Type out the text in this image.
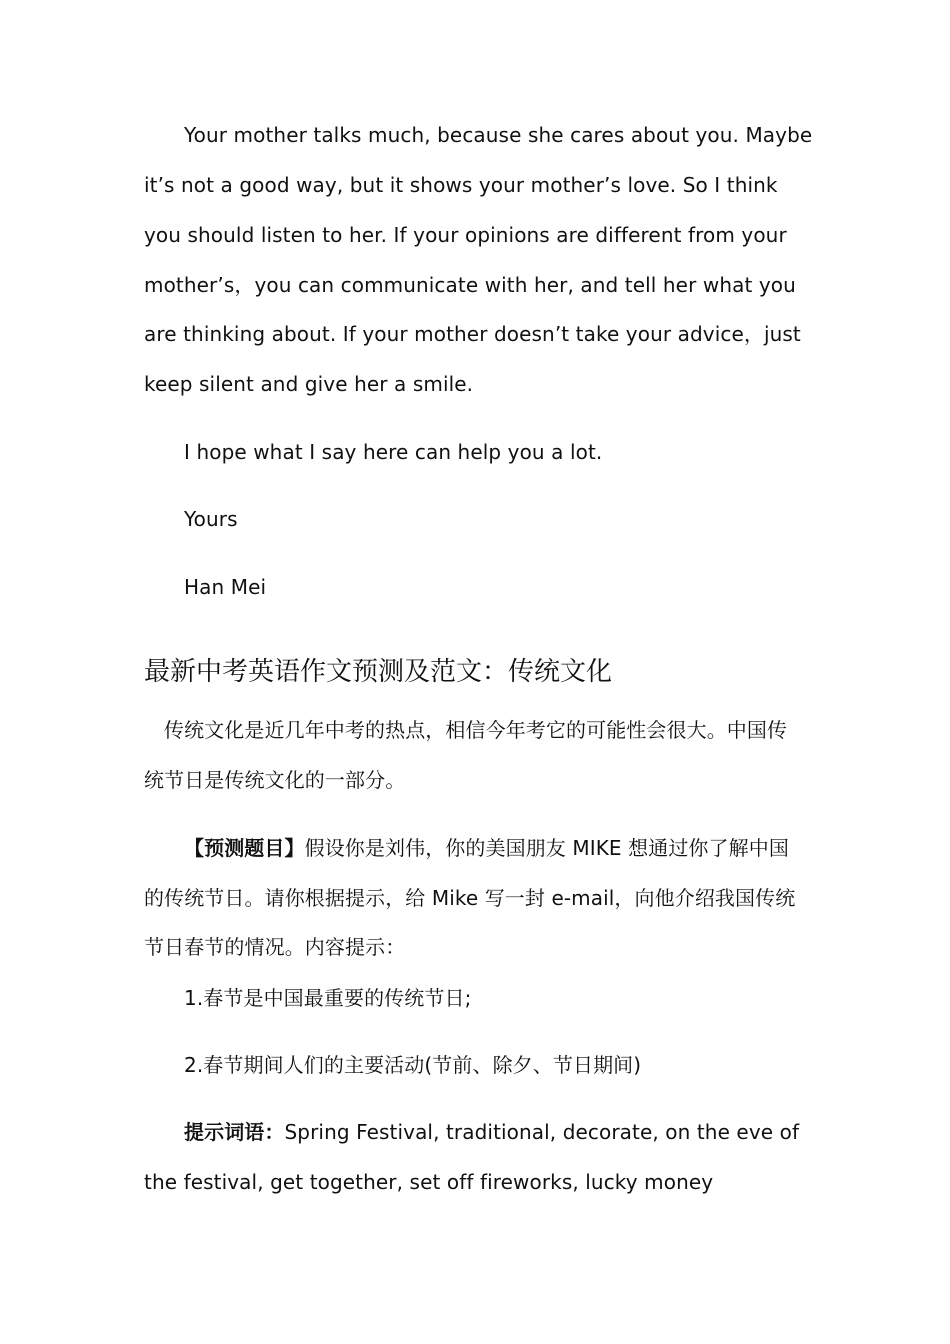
Your mother talks much, because she cares about you. Maybe
it’s not a good way, but it shows your mother’s love. So I think
you should listen to her. If your opinions are different from your
mother’s，you can communicate with her, and tell her what you
are thinking about. If your mother doesn’t take your advice，just
keep silent and give her a smile.
I hope what I say here can help you a lot.
Yours
Han Mei
最新中考英语作文预测及范文：传统文化
传统文化是近几年中考的热点，相信今年考它的可能性会很大。中国传
统节日是传统文化的一部分。
【预测题目】假设你是刘伟，你的美国朋友 MIKE 想通过你了解中国
的传统节日。请你根据提示，给 Mike 写一封 e-mail，向他介绍我国传统
节日春节的情况。内容提示：
1.春节是中国最重要的传统节日;
2.春节期间人们的主要活动(节前、除夕、节日期间)
提示词语：Spring Festival, traditional, decorate, on the eve of
the festival, get together, set off fireworks, lucky money
